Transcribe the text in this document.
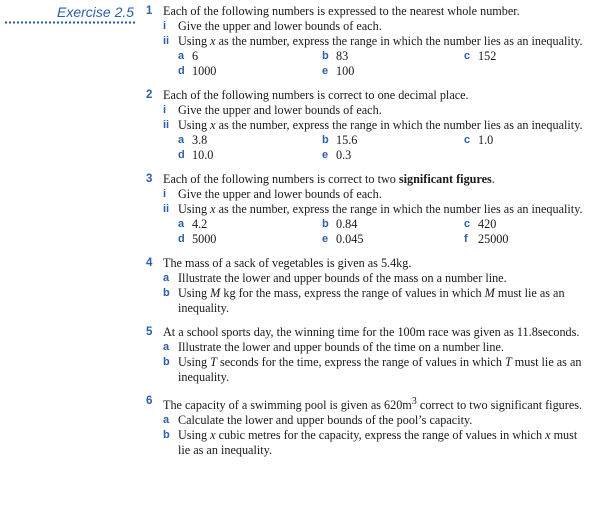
Exercise 2.5 1 Each of the following numbers is expressed to the nearest whole number.
i Give the upper and lower bounds of each.
ii Using x as the number, express the range in which the number lies as an inequality.
a 6	b 83	c 152
d 1000	e 100
2 Each of the following numbers is correct to one decimal place.
i Give the upper and lower bounds of each.
ii Using x as the number, express the range in which the number lies as an inequality.
a 3.8	b 15.6	c 1.0
d 10.0	e 0.3
3 Each of the following numbers is correct to two significant figures.
i Give the upper and lower bounds of each.
ii Using x as the number, express the range in which the number lies as an inequality.
a 4.2	b 0.84	c 420
d 5000	e 0.045	f 25000
4 The mass of a sack of vegetables is given as 5.4kg.
a Illustrate the lower and upper bounds of the mass on a number line.
b Using M kg for the mass, express the range of values in which M must lie as an inequality.
5 At a school sports day, the winning time for the 100m race was given as 11.8seconds.
a Illustrate the lower and upper bounds of the time on a number line.
b Using T seconds for the time, express the range of values in which T must lie as an inequality.
6 The capacity of a swimming pool is given as $620m^3$ correct to two significant figures.
a Calculate the lower and upper bounds of the pool’s capacity.
b Using x cubic metres for the capacity, express the range of values in which x must lie as an inequality.
